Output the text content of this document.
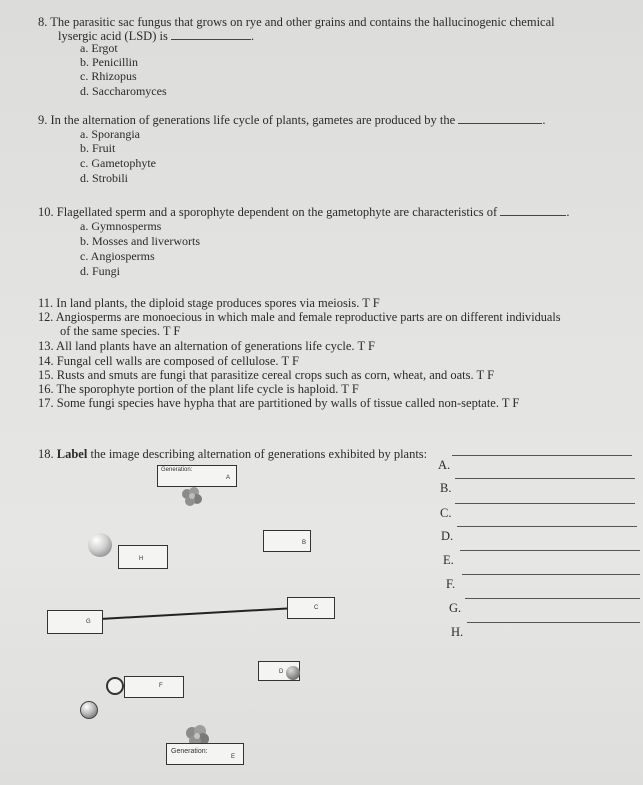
8. The parasitic sac fungus that grows on rye and other grains and contains the hallucinogenic chemical
lysergic acid (LSD) is	.
a. Ergot
b. Penicillin
c. Rhizopus
d. Saccharomyces
9. In the alternation of generations life cycle of plants, gametes are produced by the	.
a. Sporangia
b. Fruit
c. Gametophyte
d. Strobili
10. Flagellated sperm and a sporophyte dependent on the gametophyte are characteristics of	.
a. Gymnosperms
b. Mosses and liverworts
c. Angiosperms
d. Fungi
11. In land plants, the diploid stage produces spores via meiosis. T F
12. Angiosperms are monoecious in which male and female reproductive parts are on different individuals
of the same species. T F
13. All land plants have an alternation of generations life cycle. T F
14. Fungal cell walls are composed of cellulose. T F
15. Rusts and smuts are fungi that parasitize cereal crops such as corn, wheat, and oats. T F
16. The sporophyte portion of the plant life cycle is haploid. T F
17. Some fungi species have hypha that are partitioned by walls of tissue called non-septate. T F
18. Label the image describing alternation of generations exhibited by plants:
A.
B.
C.
D.
E.
F.
G.
H.
Generation:
A
B
H
C
G
D
F
Generation:
E
